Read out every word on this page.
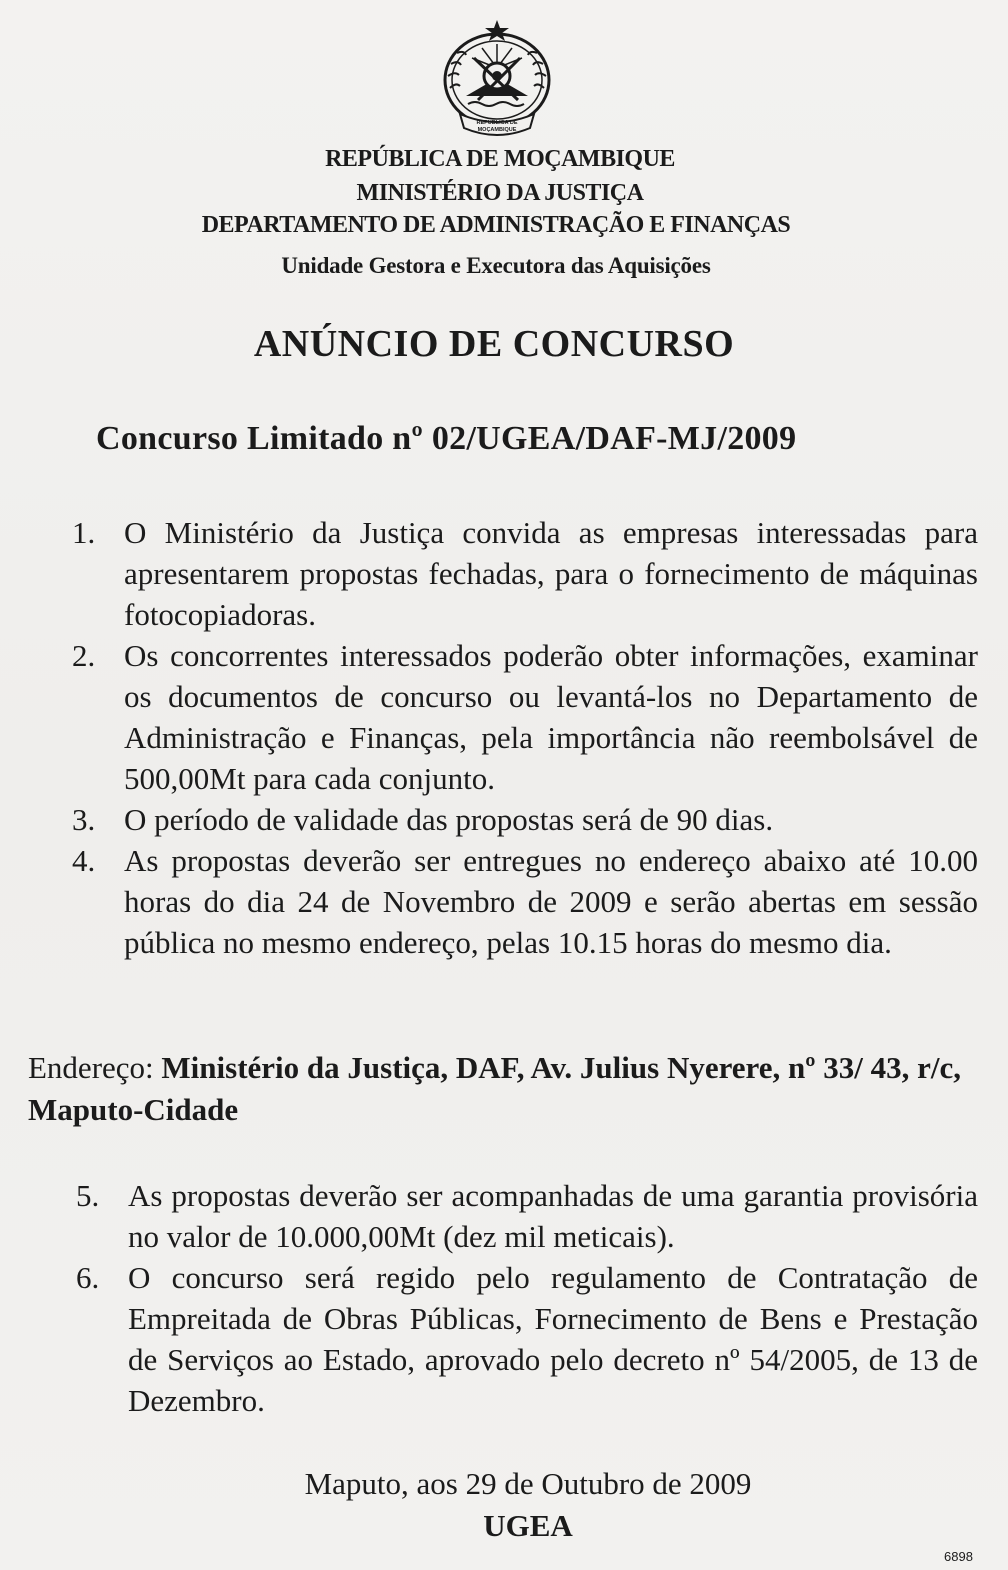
REPUBLICA DE
MOÇAMBIQUE
REPÚBLICA DE MOÇAMBIQUE
MINISTÉRIO DA JUSTIÇA
DEPARTAMENTO DE ADMINISTRAÇÃO E FINANÇAS
Unidade Gestora e Executora das Aquisições
ANÚNCIO DE CONCURSO
Concurso Limitado nº 02/UGEA/DAF-MJ/2009
1. O Ministério da Justiça convida as empresas interessadas para apresentarem propostas fechadas, para o fornecimento de máquinas fotocopiadoras.
2. Os concorrentes interessados poderão obter informações, examinar os documentos de concurso ou levantá-los no Departamento de Administração e Finanças, pela importância não reembolsável de 500,00Mt para cada conjunto.
3. O período de validade das propostas será de 90 dias.
4. As propostas deverão ser entregues no endereço abaixo até 10.00 horas do dia 24 de Novembro de 2009 e serão abertas em sessão pública no mesmo endereço, pelas 10.15 horas do mesmo dia.
Endereço: Ministério da Justiça, DAF, Av. Julius Nyerere, nº 33/ 43, r/c, Maputo-Cidade
5. As propostas deverão ser acompanhadas de uma garantia provisória no valor de 10.000,00Mt (dez mil meticais).
6. O concurso será regido pelo regulamento de Contratação de Empreitada de Obras Públicas, Fornecimento de Bens e Prestação de Serviços ao Estado, aprovado pelo decreto nº 54/2005, de 13 de Dezembro.
Maputo, aos 29 de Outubro de 2009
UGEA
6898
